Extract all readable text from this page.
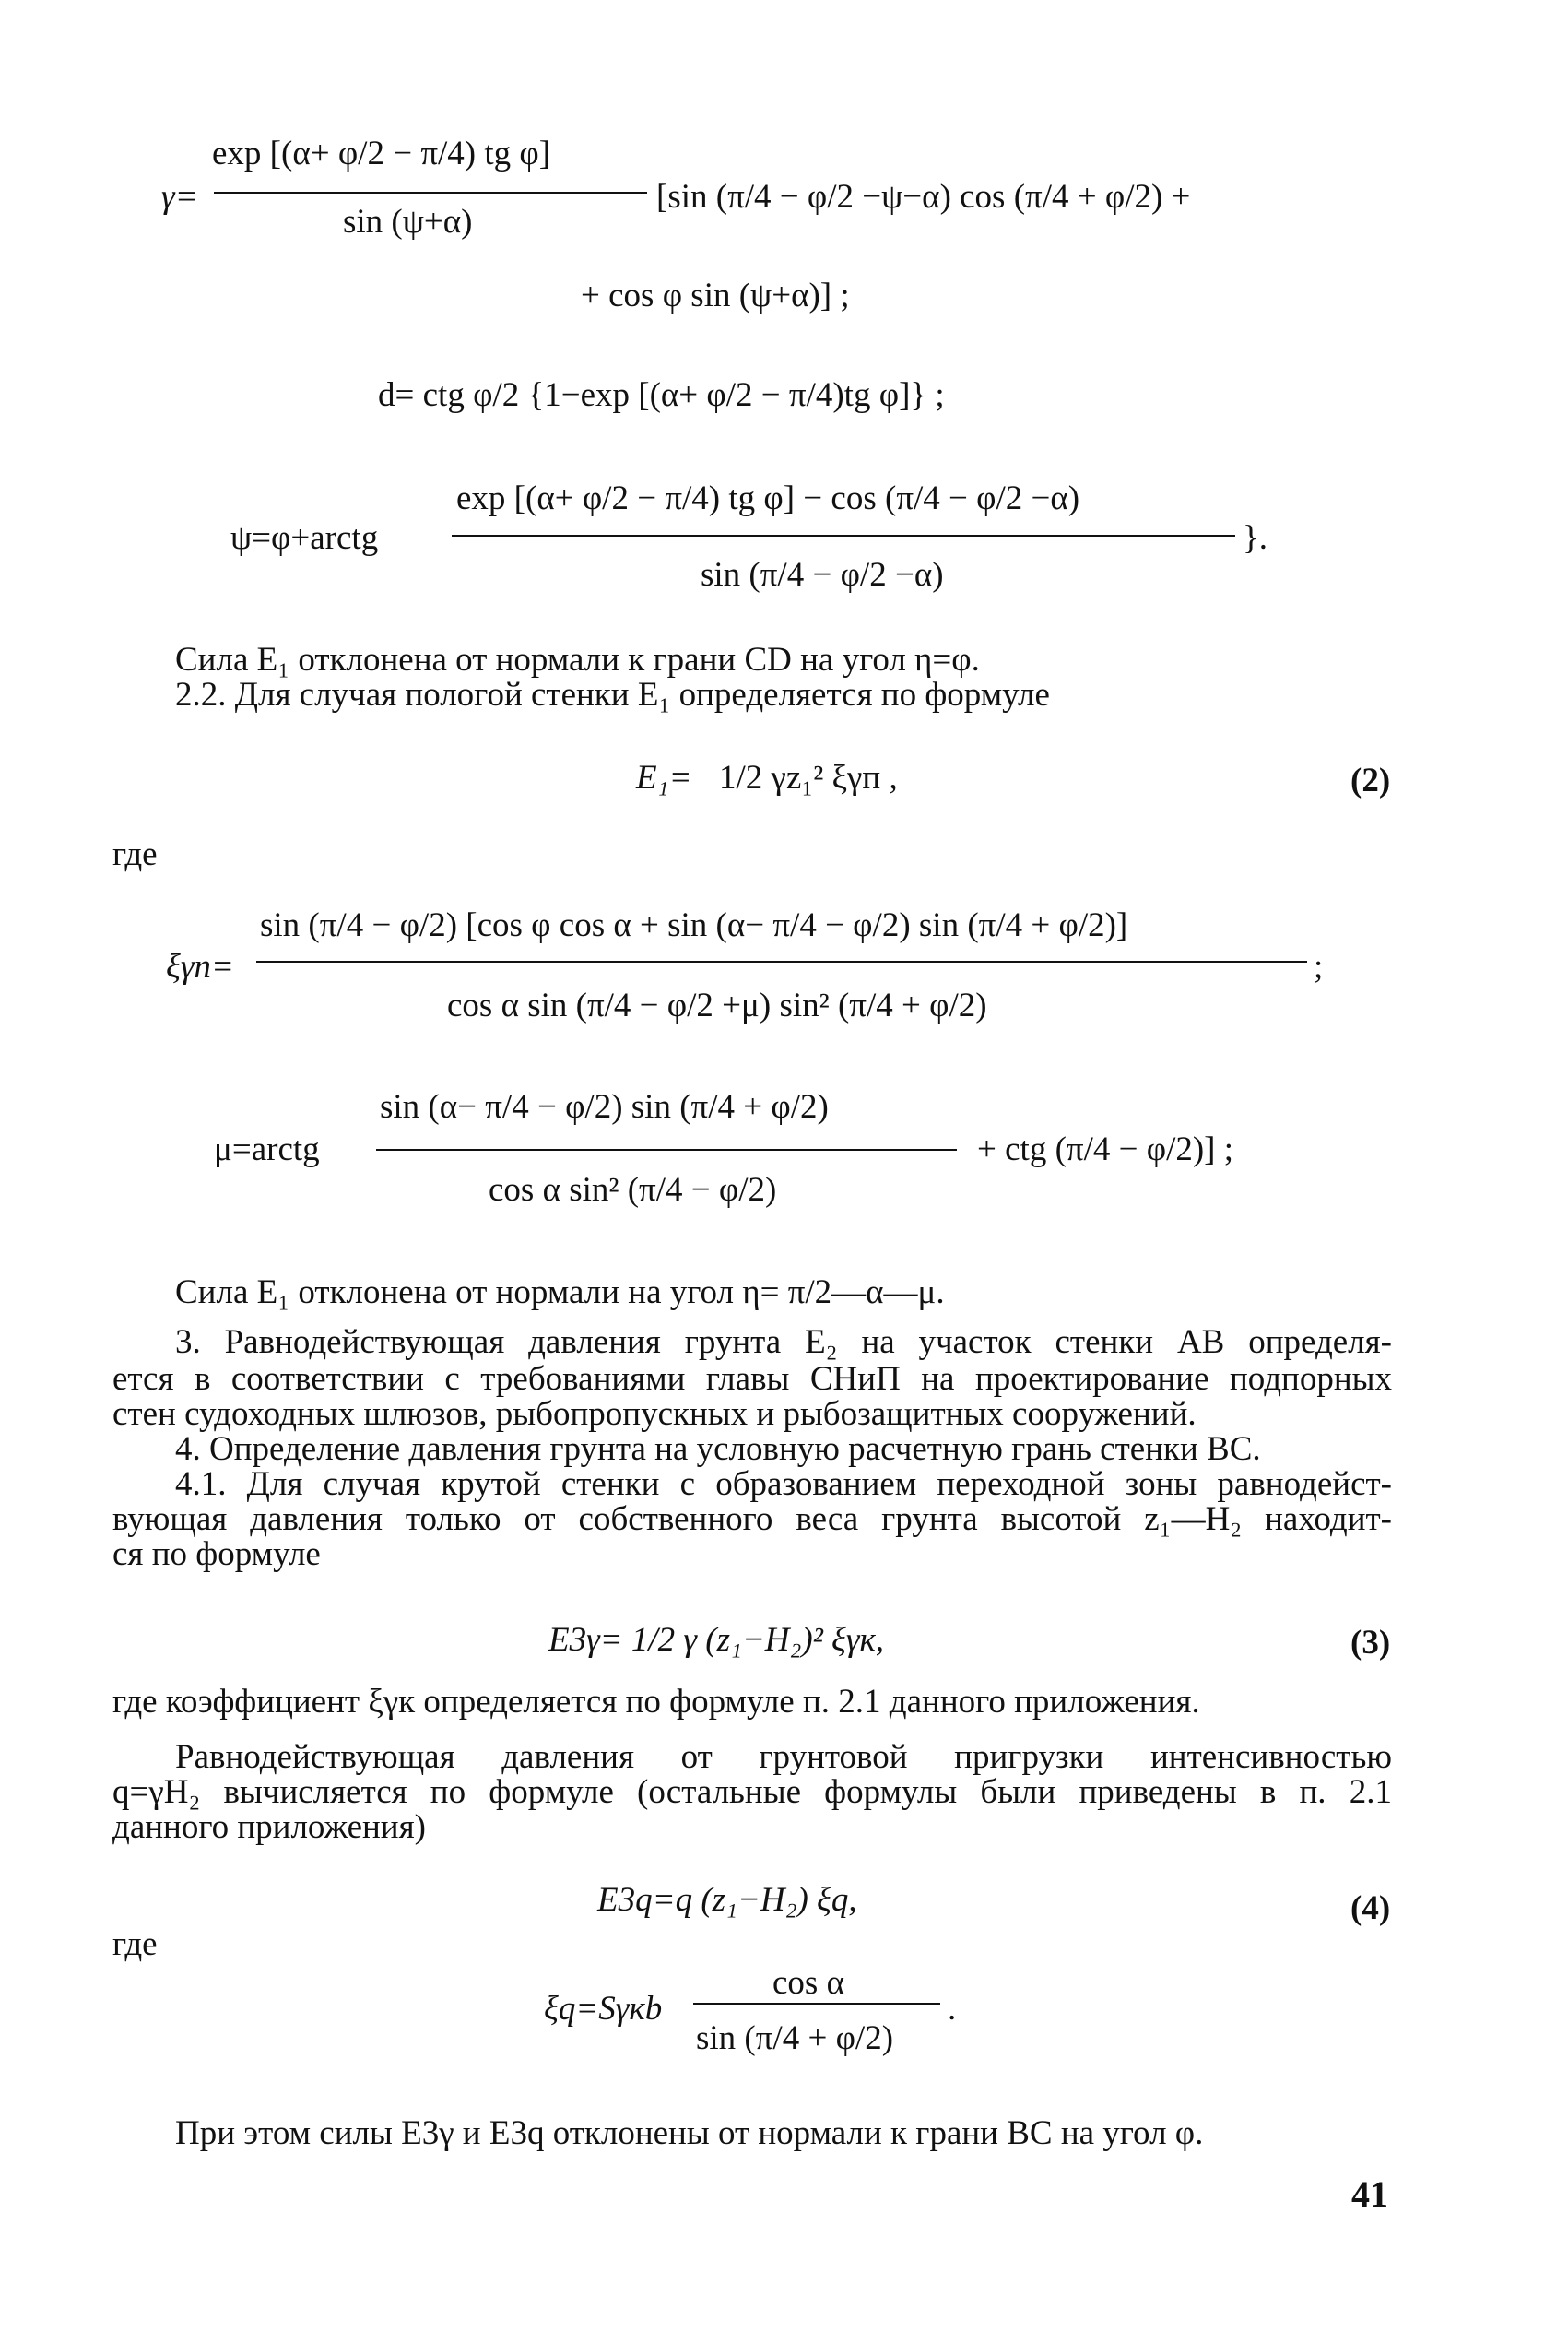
exp [(α+ φ/2 − π/4) tg φ]
γ=
sin (ψ+α)
[sin (π/4 − φ/2 −ψ−α) cos (π/4 + φ/2) +
+ cos φ sin (ψ+α)] ;
d= ctg φ/2 {1−exp [(α+ φ/2 − π/4)tg φ]} ;
ψ=φ+arctg
exp [(α+ φ/2 − π/4) tg φ] − cos (π/4 − φ/2 −α)
sin (π/4 − φ/2 −α)
}.
Сила E₁ отклонена от нормали к грани CD на угол η=φ.
2.2. Для случая пологой стенки E₁ определяется по формуле
E₁= 1/2 γz₁² ξγп ,	(2)
где
ξγп=
sin (π/4 − φ/2) [cos φ cos α + sin (α− π/4 − φ/2) sin (π/4 + φ/2)]
cos α sin (π/4 − φ/2 +μ) sin² (π/4 + φ/2)
;
μ=arctg
sin (α− π/4 − φ/2) sin (π/4 + φ/2)
cos α sin² (π/4 − φ/2)
+ ctg (π/4 − φ/2)] ;
Сила E₁ отклонена от нормали на угол η= π/2—α—μ.
3. Равнодействующая давления грунта E₂ на участок стенки AB определя-
ется в соответствии с требованиями главы СНиП на проектирование подпорных
стен судоходных шлюзов, рыбопропускных и рыбозащитных сооружений.
4. Определение давления грунта на условную расчетную грань стенки BC.
4.1. Для случая крутой стенки с образованием переходной зоны равнодейст-
вующая давления только от собственного веса грунта высотой z₁—H₂ находит-
ся по формуле
E3γ= 1/2 γ (z₁−H₂)² ξγк,	(3)
где коэффициент ξγк определяется по формуле п. 2.1 данного приложения.
Равнодействующая давления от грунтовой пригрузки интенсивностью
q=γH₂ вычисляется по формуле (остальные формулы были приведены в п. 2.1
данного приложения)
E3q=q (z₁−H₂) ξq,	(4)
где
ξq=Sγкb
cos α
sin (π/4 + φ/2)
.
При этом силы E3γ и E3q отклонены от нормали к грани BC на угол φ.
41
